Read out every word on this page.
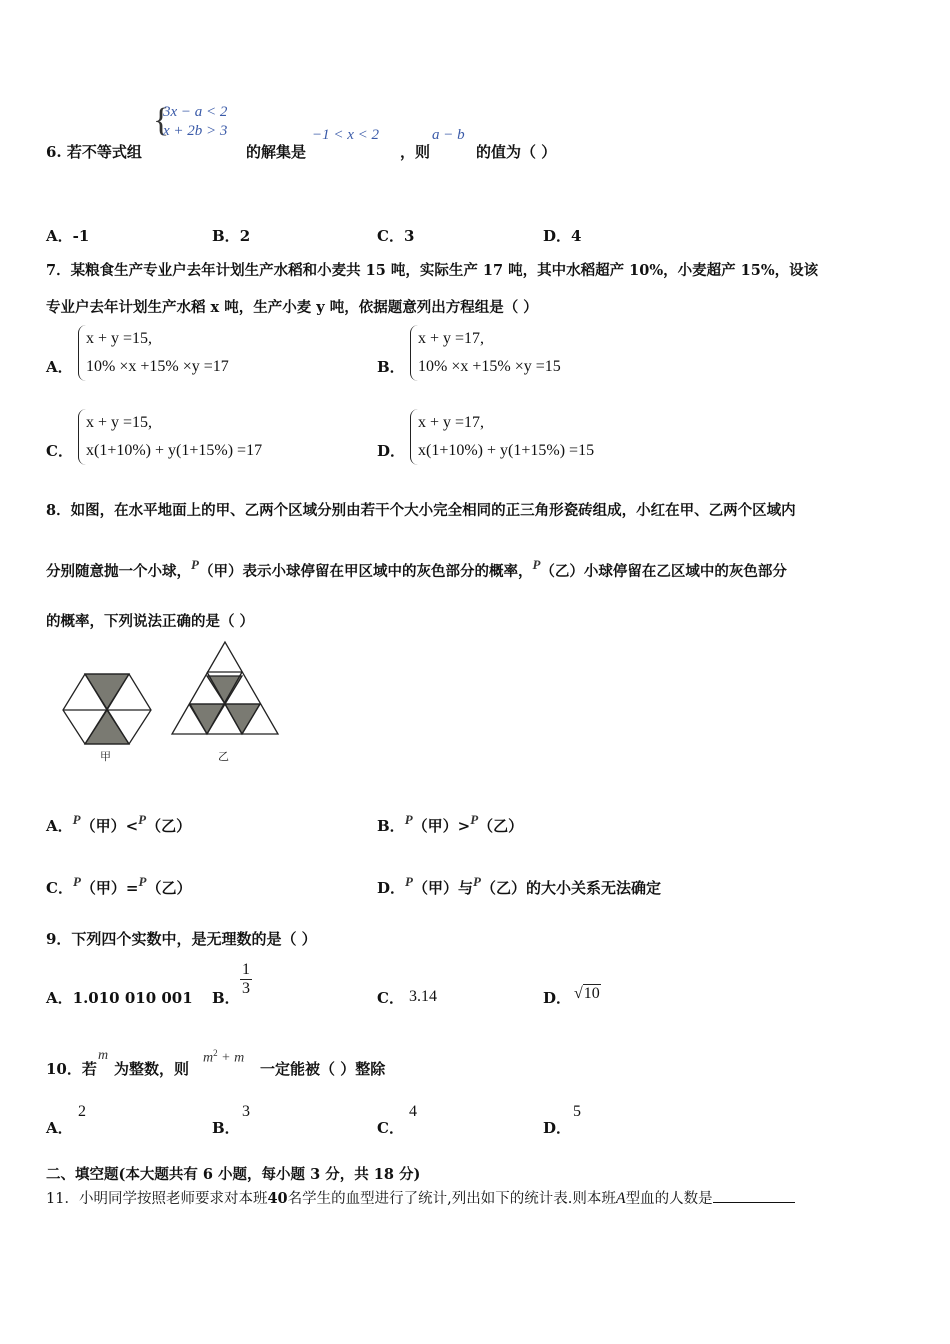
6. 若不等式组
{
3x − a < 2
x + 2b > 3
的解集是
−1 < x < 2
，则
a − b
的值为（ ）
A．-1	B．2	C．3	D．4
7．某粮食生产专业户去年计划生产水稻和小麦共 15 吨，实际生产 17 吨，其中水稻超产 10%，小麦超产 15%，设该
专业户去年计划生产水稻 x 吨，生产小麦 y 吨，依据题意列出方程组是（ ）
A．
x + y =15,
10% ×x +15% ×y =17	B．
x + y =17,
10% ×x +15% ×y =15
C．
x + y =15,
x(1+10%) + y(1+15%) =17	D．
x + y =17,
x(1+10%) + y(1+15%) =15
8．如图，在水平地面上的甲、乙两个区域分别由若干个大小完全相同的正三角形瓷砖组成，小红在甲、乙两个区域内
分别随意抛一个小球，P（甲）表示小球停留在甲区域中的灰色部分的概率，P（乙）小球停留在乙区域中的灰色部分
的概率，下列说法正确的是（ ）
甲	乙
A．P（甲）<P（乙）	B．P（甲）>P（乙）
C．P（甲）=P（乙）	D．P（甲）与P（乙）的大小关系无法确定
9．下列四个实数中，是无理数的是（ ）
A．1.010 010 001 B． $\frac{1}{3}$	C． 3.14	D． √10
10．若
m
为整数，则
$m^2 + m$
一定能被（ ）整除
A．
2
B．
3
C．
4
D．
5
二、填空题(本大题共有 6 小题，每小题 3 分，共 18 分)
11．小明同学按照老师要求对本班40名学生的血型进行了统计,列出如下的统计表.则本班A型血的人数是
